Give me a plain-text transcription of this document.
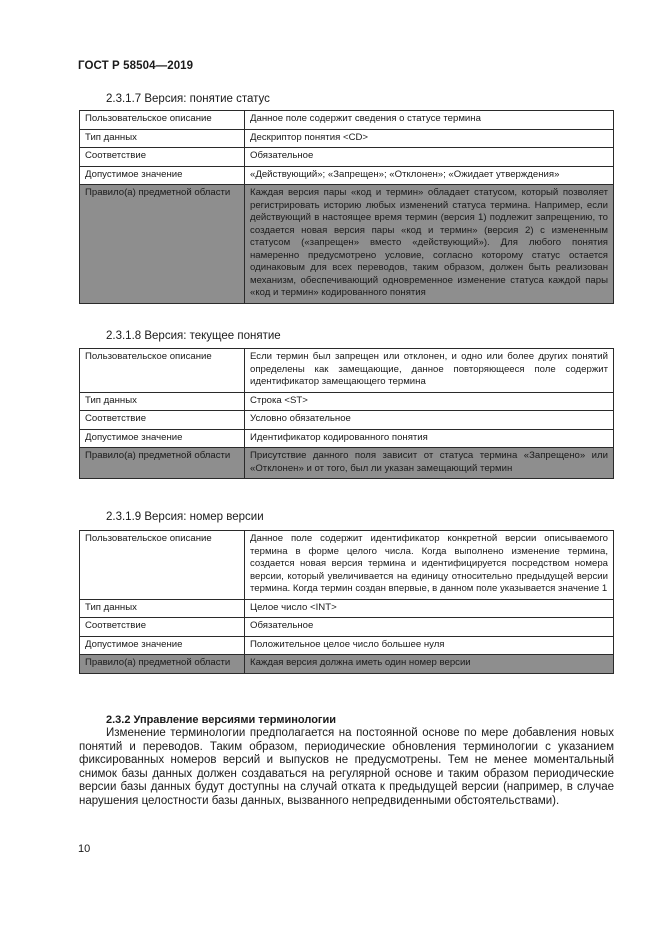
ГОСТ Р 58504—2019
2.3.1.7 Версия: понятие статус
Пользовательское описание	Данное поле содержит сведения о статусе термина
Тип данных	Дескриптор понятия <CD>
Соответствие	Обязательное
Допустимое значение	«Действующий»; «Запрещен»; «Отклонен»; «Ожидает утверждения»
Правило(а) предметной области	Каждая версия пары «код и термин» обладает статусом, который позволяет регистрировать историю любых изменений статуса термина. Например, если действующий в настоящее время термин (версия 1) подлежит запрещению, то создается новая версия пары «код и термин» (версия 2) с измененным статусом («запрещен» вместо «действующий»). Для любого понятия намеренно предусмотрено условие, согласно которому статус остается одинаковым для всех переводов, таким образом, должен быть реализован механизм, обеспечивающий одновременное изменение статуса каждой пары «код и термин» кодированного понятия
2.3.1.8 Версия: текущее понятие
Пользовательское описание	Если термин был запрещен или отклонен, и одно или более других понятий определены как замещающие, данное повторяющееся поле содержит идентификатор замещающего термина
Тип данных	Строка <ST>
Соответствие	Условно обязательное
Допустимое значение	Идентификатор кодированного понятия
Правило(а) предметной области	Присутствие данного поля зависит от статуса термина «Запрещено» или «Отклонен» и от того, был ли указан замещающий термин
2.3.1.9 Версия: номер версии
Пользовательское описание	Данное поле содержит идентификатор конкретной версии описываемого термина в форме целого числа. Когда выполнено изменение термина, создается новая версия термина и идентифицируется посредством номера версии, который увеличивается на единицу относительно предыдущей версии термина. Когда термин создан впервые, в данном поле указывается значение 1
Тип данных	Целое число <INT>
Соответствие	Обязательное
Допустимое значение	Положительное целое число большее нуля
Правило(а) предметной области	Каждая версия должна иметь один номер версии
2.3.2 Управление версиями терминологии

Изменение терминологии предполагается на постоянной основе по мере добавления новых понятий и переводов. Таким образом, периодические обновления терминологии с указанием фиксированных номеров версий и выпусков не предусмотрены. Тем не менее моментальный снимок базы данных должен создаваться на регулярной основе и таким образом периодические версии базы данных будут доступны на случай отката к предыдущей версии (например, в случае нарушения целостности базы данных, вызванного непредвиденными обстоятельствами).

10
